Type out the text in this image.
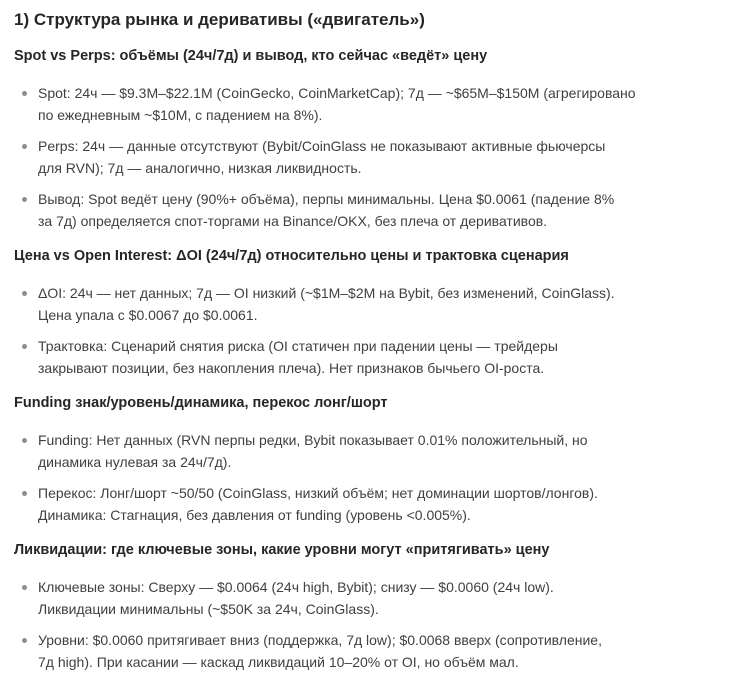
1) Структура рынка и деривативы («двигатель»)
Spot vs Perps: объёмы (24ч/7д) и вывод, кто сейчас «ведёт» цену
Spot: 24ч — $9.3M–$22.1M (CoinGecko, CoinMarketCap); 7д — ~$65M–$150M (агрегировано
по ежедневным ~$10M, с падением на 8%).
Perps: 24ч — данные отсутствуют (Bybit/CoinGlass не показывают активные фьючерсы
для RVN); 7д — аналогично, низкая ликвидность.
Вывод: Spot ведёт цену (90%+ объёма), перпы минимальны. Цена $0.0061 (падение 8%
за 7д) определяется спот-торгами на Binance/OKX, без плеча от деривативов.
Цена vs Open Interest: ΔOI (24ч/7д) относительно цены и трактовка сценария
ΔOI: 24ч — нет данных; 7д — OI низкий (~$1M–$2M на Bybit, без изменений, CoinGlass).
Цена упала с $0.0067 до $0.0061.
Трактовка: Сценарий снятия риска (OI статичен при падении цены — трейдеры
закрывают позиции, без накопления плеча). Нет признаков бычьего OI-роста.
Funding знак/уровень/динамика, перекос лонг/шорт
Funding: Нет данных (RVN перпы редки, Bybit показывает 0.01% положительный, но
динамика нулевая за 24ч/7д).
Перекос: Лонг/шорт ~50/50 (CoinGlass, низкий объём; нет доминации шортов/лонгов).
Динамика: Стагнация, без давления от funding (уровень <0.005%).
Ликвидации: где ключевые зоны, какие уровни могут «притягивать» цену
Ключевые зоны: Сверху — $0.0064 (24ч high, Bybit); снизу — $0.0060 (24ч low).
Ликвидации минимальны (~$50K за 24ч, CoinGlass).
Уровни: $0.0060 притягивает вниз (поддержка, 7д low); $0.0068 вверх (сопротивление,
7д high). При касании — каскад ликвидаций 10–20% от OI, но объём мал.
